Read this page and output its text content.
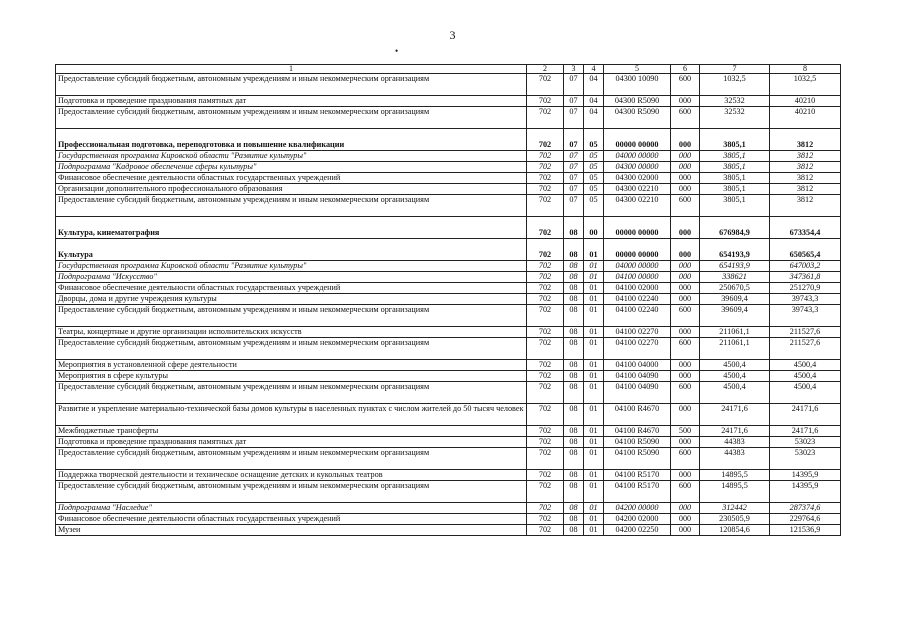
3
•
1	2	3	4	5	6	7	8
Предоставление субсидий бюджетным, автономным учреждениям и иным некоммерческим организациям	702	07	04	04300 10090	600	1032,5	1032,5
Подготовка и проведение празднования памятных дат	702	07	04	04300 R5090	000	32532	40210
Предоставление субсидий бюджетным, автономным учреждениям и иным некоммерческим организациям	702	07	04	04300 R5090	600	32532	40210
Профессиональная подготовка, переподготовка и повышение квалификации	702	07	05	00000 00000	000	3805,1	3812
Государственная программа Кировской области "Развитие культуры"	702	07	05	04000 00000	000	3805,1	3812
Подпрограмма "Кадровое обеспечение сферы культуры"	702	07	05	04300 00000	000	3805,1	3812
Финансовое обеспечение деятельности областных государственных учреждений	702	07	05	04300 02000	000	3805,1	3812
Организации дополнительного профессионального образования	702	07	05	04300 02210	000	3805,1	3812
Предоставление субсидий бюджетным, автономным учреждениям и иным некоммерческим организациям	702	07	05	04300 02210	600	3805,1	3812
Культура, кинематография	702	08	00	00000 00000	000	676984,9	673354,4
Культура	702	08	01	00000 00000	000	654193,9	650565,4
Государственная программа Кировской области "Развитие культуры"	702	08	01	04000 00000	000	654193,9	647003,2
Подпрограмма "Искусство"	702	08	01	04100 00000	000	338621	347361,8
Финансовое обеспечение деятельности областных государственных учреждений	702	08	01	04100 02000	000	250670,5	251270,9
Дворцы, дома и другие учреждения культуры	702	08	01	04100 02240	000	39609,4	39743,3
Предоставление субсидий бюджетным, автономным учреждениям и иным некоммерческим организациям	702	08	01	04100 02240	600	39609,4	39743,3
Театры, концертные и другие организации исполнительских искусств	702	08	01	04100 02270	000	211061,1	211527,6
Предоставление субсидий бюджетным, автономным учреждениям и иным некоммерческим организациям	702	08	01	04100 02270	600	211061,1	211527,6
Мероприятия в установленной сфере деятельности	702	08	01	04100 04000	000	4500,4	4500,4
Мероприятия в сфере культуры	702	08	01	04100 04090	000	4500,4	4500,4
Предоставление субсидий бюджетным, автономным учреждениям и иным некоммерческим организациям	702	08	01	04100 04090	600	4500,4	4500,4
Развитие и укрепление материально-технической базы домов культуры в населенных пунктах с числом жителей до 50 тысяч человек	702	08	01	04100 R4670	000	24171,6	24171,6
Межбюджетные трансферты	702	08	01	04100 R4670	500	24171,6	24171,6
Подготовка и проведение празднования памятных дат	702	08	01	04100 R5090	000	44383	53023
Предоставление субсидий бюджетным, автономным учреждениям и иным некоммерческим организациям	702	08	01	04100 R5090	600	44383	53023
Поддержка творческой деятельности и техническое оснащение детских и кукольных театров	702	08	01	04100 R5170	000	14895,5	14395,9
Предоставление субсидий бюджетным, автономным учреждениям и иным некоммерческим организациям	702	08	01	04100 R5170	600	14895,5	14395,9
Подпрограмма "Наследие"	702	08	01	04200 00000	000	312442	287374,6
Финансовое обеспечение деятельности областных государственных учреждений	702	08	01	04200 02000	000	230505,9	229764,6
Музеи	702	08	01	04200 02250	000	120854,6	121536,9
